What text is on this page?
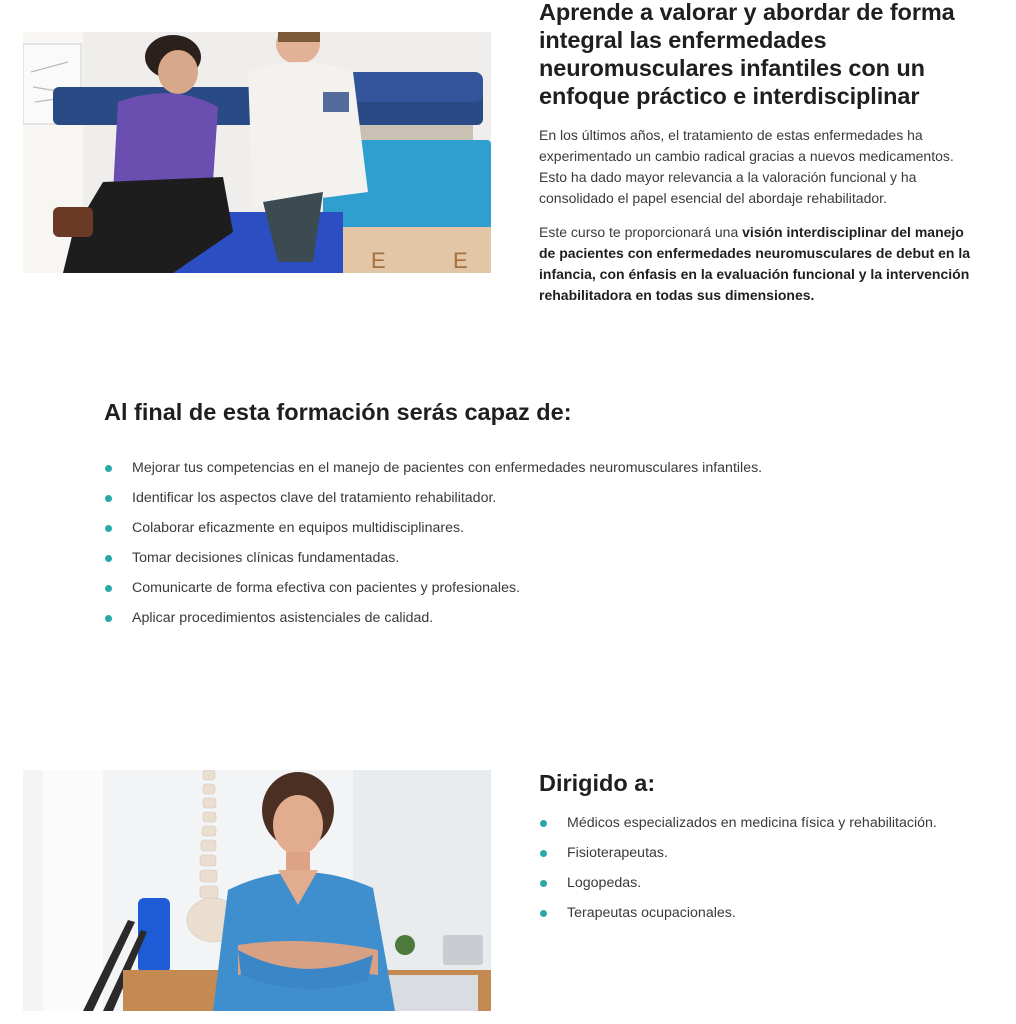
E	E
Aprende a valorar y abordar de forma integral las enfermedades neuromusculares infantiles con un enfoque práctico e interdisciplinar

En los últimos años, el tratamiento de estas enfermedades ha experimentado un cambio radical gracias a nuevos medicamentos. Esto ha dado mayor relevancia a la valoración funcional y ha consolidado el papel esencial del abordaje rehabilitador.

Este curso te proporcionará una visión interdisciplinar del manejo de pacientes con enfermedades neuromusculares de debut en la infancia, con énfasis en la evaluación funcional y la intervención rehabilitadora en todas sus dimensiones.

Al final de esta formación serás capaz de:
Mejorar tus competencias en el manejo de pacientes con enfermedades neuromusculares infantiles.
Identificar los aspectos clave del tratamiento rehabilitador.
Colaborar eficazmente en equipos multidisciplinares.
Tomar decisiones clínicas fundamentadas.
Comunicarte de forma efectiva con pacientes y profesionales.
Aplicar procedimientos asistenciales de calidad.
Dirigido a:
Médicos especializados en medicina física y rehabilitación.
Fisioterapeutas.
Logopedas.
Terapeutas ocupacionales.
